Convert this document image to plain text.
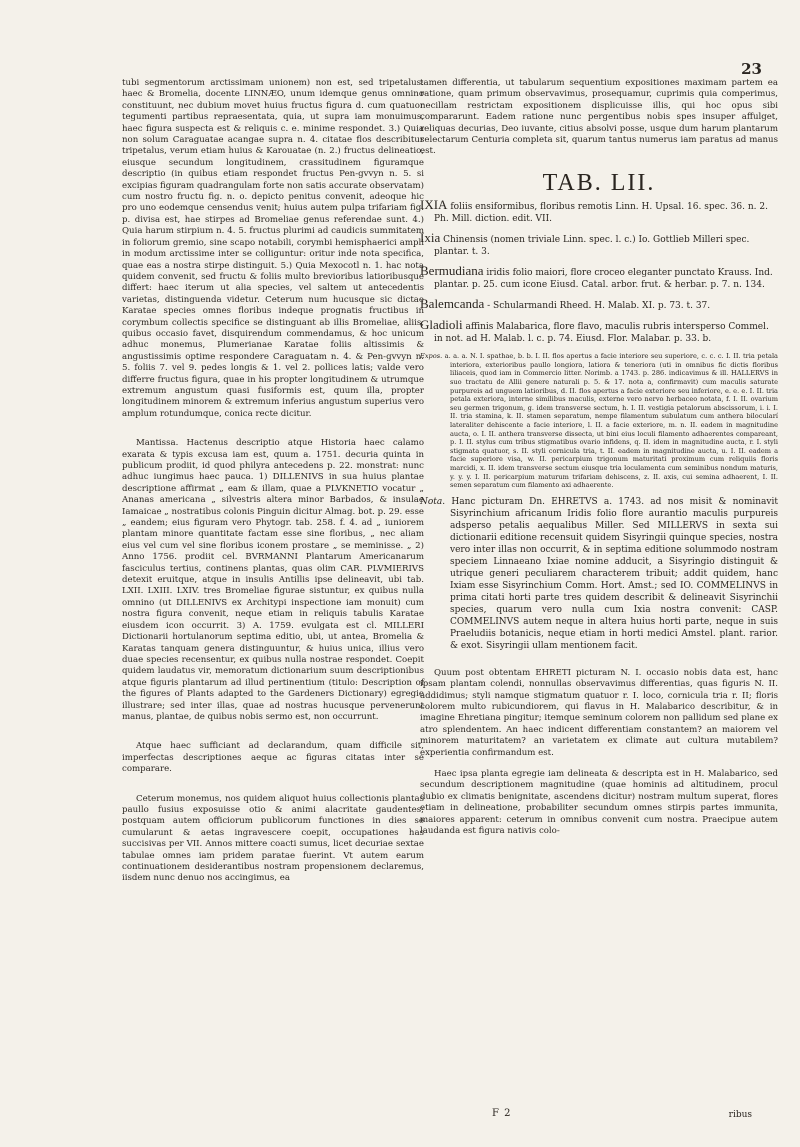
23

tubi segmentorum arctissimam unionem) non est, sed tripetalus: haec & Bromelia, docente LINNÆO, unum idemque genus omnino constituunt, nec dubium movet huius fructus figura d. cum quatuor tegumenti partibus repraesentata, quia, ut supra iam monuimus, haec figura suspecta est & reliquis c. e. minime respondet. 3.) Quia non solum Caraguatae acangae supra n. 4. citatae flos describitur tripetalus, verum etiam huius & Karouatae (n. 2.) fructus delineatio, eiusque secundum longitudinem, crassitudinem figuramque descriptio (in quibus etiam respondet fructus Pen-gvvyn n. 5. si excipias figuram quadrangulam forte non satis accurate observatam) cum nostro fructu fig. n. o. depicto penitus convenit, adeoque hic pro uno eodemque censendus venit; huius autem pulpa trifariam fig. p. divisa est, hae stirpes ad Bromeliae genus referendae sunt. 4.) Quia harum stirpium n. 4. 5. fructus plurimi ad caudicis summitatem in foliorum gremio, sine scapo notabili, corymbi hemisphaerici ampli in modum arctissime inter se colliguntur: oritur inde nota specifica, quae eas a nostra stirpe distinguit. 5.) Quia Mexocotl n. 1. hac nota quidem convenit, sed fructu & foliis multo brevioribus latioribusque differt: haec iterum ut alia species, vel saltem ut antecedentis varietas, distinguenda videtur. Ceterum num hucusque sic dictae Karatae species omnes floribus indeque prognatis fructibus in corymbum collectis specifice se distinguant ab illis Bromeliae, aliis, quibus occasio favet, disquirendum commendamus, & hoc unicum adhuc monemus, Plumerianae Karatae foliis altissimis & angustissimis optime respondere Caraguatam n. 4. & Pen-gvvyn n. 5. foliis 7. vel 9. pedes longis & 1. vel 2. pollices latis; valde vero differre fructus figura, quae in his propter longitudinem & utrumque extremum angustum quasi fusiformis est, quum illa, propter longitudinem minorem & extremum inferius angustum superius vero amplum rotundumque, conica recte dicitur.

Mantissa. Hactenus descriptio atque Historia haec calamo exarata & typis excusa iam est, quum a. 1751. decuria quinta in publicum prodiit, id quod philyra antecedens p. 22. monstrat: nunc adhuc iungimus haec pauca. 1) DILLENIVS in sua huius plantae descriptione affirmat „ eam & illam, quae a PLVKNETIO vocatur „ Ananas americana „ silvestris altera minor Barbados, & insulae Iamaicae „ nostratibus colonis Pinguin dicitur Almag. bot. p. 29. esse „ eandem; eius figuram vero Phytogr. tab. 258. f. 4. ad „ iuniorem plantam minore quantitate factam esse sine floribus, „ nec aliam eius vel cum vel sine floribus iconem prostare „ se meminisse. „ 2) Anno 1756. prodiit cel. BVRMANNI Plantarum Americanarum fasciculus tertius, continens plantas, quas olim CAR. PLVMIERIVS detexit eruitque, atque in insulis Antillis ipse delineavit, ubi tab. LXII. LXIII. LXIV. tres Bromeliae figurae sistuntur, ex quibus nulla omnino (ut DILLENIVS ex Architypi inspectione iam monuit) cum nostra figura convenit, neque etiam in reliquis tabulis Karatae eiusdem icon occurrit. 3) A. 1759. evulgata est cl. MILLERI Dictionarii hortulanorum septima editio, ubi, ut antea, Bromelia & Karatas tanquam genera distinguuntur, & huius unica, illius vero duae species recensentur, ex quibus nulla nostrae respondet. Coepit quidem laudatus vir, memoratum dictionarium suum descriptionibus atque figuris plantarum ad illud pertinentium (titulo: Description of the figures of Plants adapted to the Gardeners Dictionary) egregie illustrare; sed inter illas, quae ad nostras hucusque pervenerunt manus, plantae, de quibus nobis sermo est, non occurrunt.

Atque haec sufficiant ad declarandum, quam difficile sit, imperfectas descriptiones aeque ac figuras citatas inter se comparare.

Ceterum monemus, nos quidem aliquot huius collectionis plantas paullo fusius exposuisse otio & animi alacritate gaudentes; postquam autem officiorum publicorum functiones in dies se cumularunt & aetas ingravescere coepit, occupationes has succisivas per VII. Annos mittere coacti sumus, licet decuriae sextae tabulae omnes iam pridem paratae fuerint. Vt autem earum continuationem desiderantibus nostram propensionem declaremus, iisdem nunc denuo nos accingimus, ea

tamen differentia, ut tabularum sequentium expositiones maximam partem ea ratione, quam primum observavimus, prosequamur, cuprimis quia comperimus, necillam restrictam expositionem displicuisse illis, qui hoc opus sibi compararunt. Eadem ratione nunc pergentibus nobis spes insuper affulget, reliquas decurias, Deo iuvante, citius absolvi posse, usque dum harum plantarum selectarum Centuria completa sit, quarum tantus numerus iam paratus ad manus est.

TAB. LII.
IXIA foliis ensiformibus, floribus remotis Linn. H. Upsal. 16. spec. 36. n. 2. Ph. Mill. diction. edit. VII.
Ixia Chinensis (nomen triviale Linn. spec. l. c.) Io. Gottlieb Milleri spec. plantar. t. 3.
Bermudiana iridis folio maiori, flore croceo eleganter punctato Krauss. Ind. plantar. p. 25. cum icone Eiusd. Catal. arbor. frut. & herbar. p. 7. n. 134.
Balemcanda - Schularmandi Rheed. H. Malab. XI. p. 73. t. 37.
Gladioli affinis Malabarica, flore flavo, maculis rubris interspersо Commel. in not. ad H. Malab. l. c. p. 74. Eiusd. Flor. Malabar. p. 33. b.
Expos. a. a. a. N. I. spathae, b. b. I. II. flos apertus a facie interiore seu superiore, c. c. c. I. II. tria petala interiora, exterioribus paullo longiora, latiora & teneriora (uti in omnibus fic dictis floribus liliaceis, quod iam in Commercio litter. Norimb. a 1743. p. 286. indicavimus & ill. HALLERVS in suo tractatu de Allii genere naturali p. 5. & 17. nota a, confirmavit) cum maculis saturate purpureis ad unguem latioribus, d. II. flos apertus a facie exteriore seu inferiore, e. e. e. I. II. tria petala exteriora, interne similibus maculis, externe vero nervo herbaceo notata, f. I. II. ovarium seu germen trigonum, g. idem transverse sectum, h. I. II. vestigia petalorum abscissorum, i. i. I. II. tria stamina, k. II. stamen separatum, nempe filamentum subulatum cum anthera bilocularí lateraliter dehiscente a facie interiore, l. II. a facie exteriore, m. n. II. eadem in magnitudine aucta, o. I. II. anthera transverse dissecta, ut bini eius loculi filamento adhaerentes compareant, p. I. II. stylus cum tribus stigmatibus ovario infidens, q. II. idem in magnitudine aucta, r. I. styli stigmata quatuor, s. II. styli cornicula tria, t. II. eadem in magnitudine aucta, u. I. II. eadem a facie superiore visa, w. II. pericarpium trigonum maturitati proximum cum reliquiis floris marcidi, x. II. idem transverse sectum eiusque tria loculamenta cum seminibus nondum maturis, y. y. y. I. II. pericarpium maturum trifariam dehiscens, z. II. axis, cui semina adhaerent, I. II. semen separatum cum filamento axi adhaerente.
Nota. Hanc picturam Dn. EHRETVS a. 1743. ad nos misit & nominavit Sisyrinchium africanum Iridis folio flore aurantio maculis purpureis adsperso petalis aequalibus Miller. Sed MILLERVS in sexta sui dictionarii editione recensuit quidem Sisyringii quinque species, nostra vero inter illas non occurrit, & in septima editione solummodo nostram speciem Linnaeano Ixiae nomine adducit, a Sisyringio distinguit & utrique generi peculiarem characterem tribuit; addit quidem, hanc Ixiam esse Sisyrinchium Comm. Hort. Amst.; sed IO. COMMELINVS in prima citati horti parte tres quidem describit & delineavit Sisyrinchii species, quarum vero nulla cum Ixia nostra convenit: CASP. COMMELINVS autem neque in altera huius horti parte, neque in suis Praeludiis botanicis, neque etiam in horti medici Amstel. plant. rarior. & exot. Sisyringii ullam mentionem facit.

Quum post obtentam EHRETI picturam N. I. occasio nobis data est, hanc ipsam plantam colendi, nonnullas observavimus differentias, quas figuris N. II. addidimus; styli namque stigmatum quatuor r. I. loco, cornicula tria r. II; floris colorem multo rubicundiorem, qui flavus in H. Malabarico describitur, & in imagine Ehretiana pingitur; itemque seminum colorem non pallidum sed plane ex atro splendentem. An haec indicent differentiam constantem? an maiorem vel minorem maturitatem? an varietatem ex climate aut cultura mutabilem? experientia confirmandum est.

Haec ipsa planta egregie iam delineata & descripta est in H. Malabarico, sed secundum descriptionem magnitudine (quae hominis ad altitudinem, procul dubio ex climatis benignitate, ascendens dicitur) nostram multum superat, flores etiam in delineatione, probabiliter secundum omnes stirpis partes immunita, maiores apparent: ceterum in omnibus convenit cum nostra. Praecipue autem laudanda est figura nativis colo-

F 2	ribus
